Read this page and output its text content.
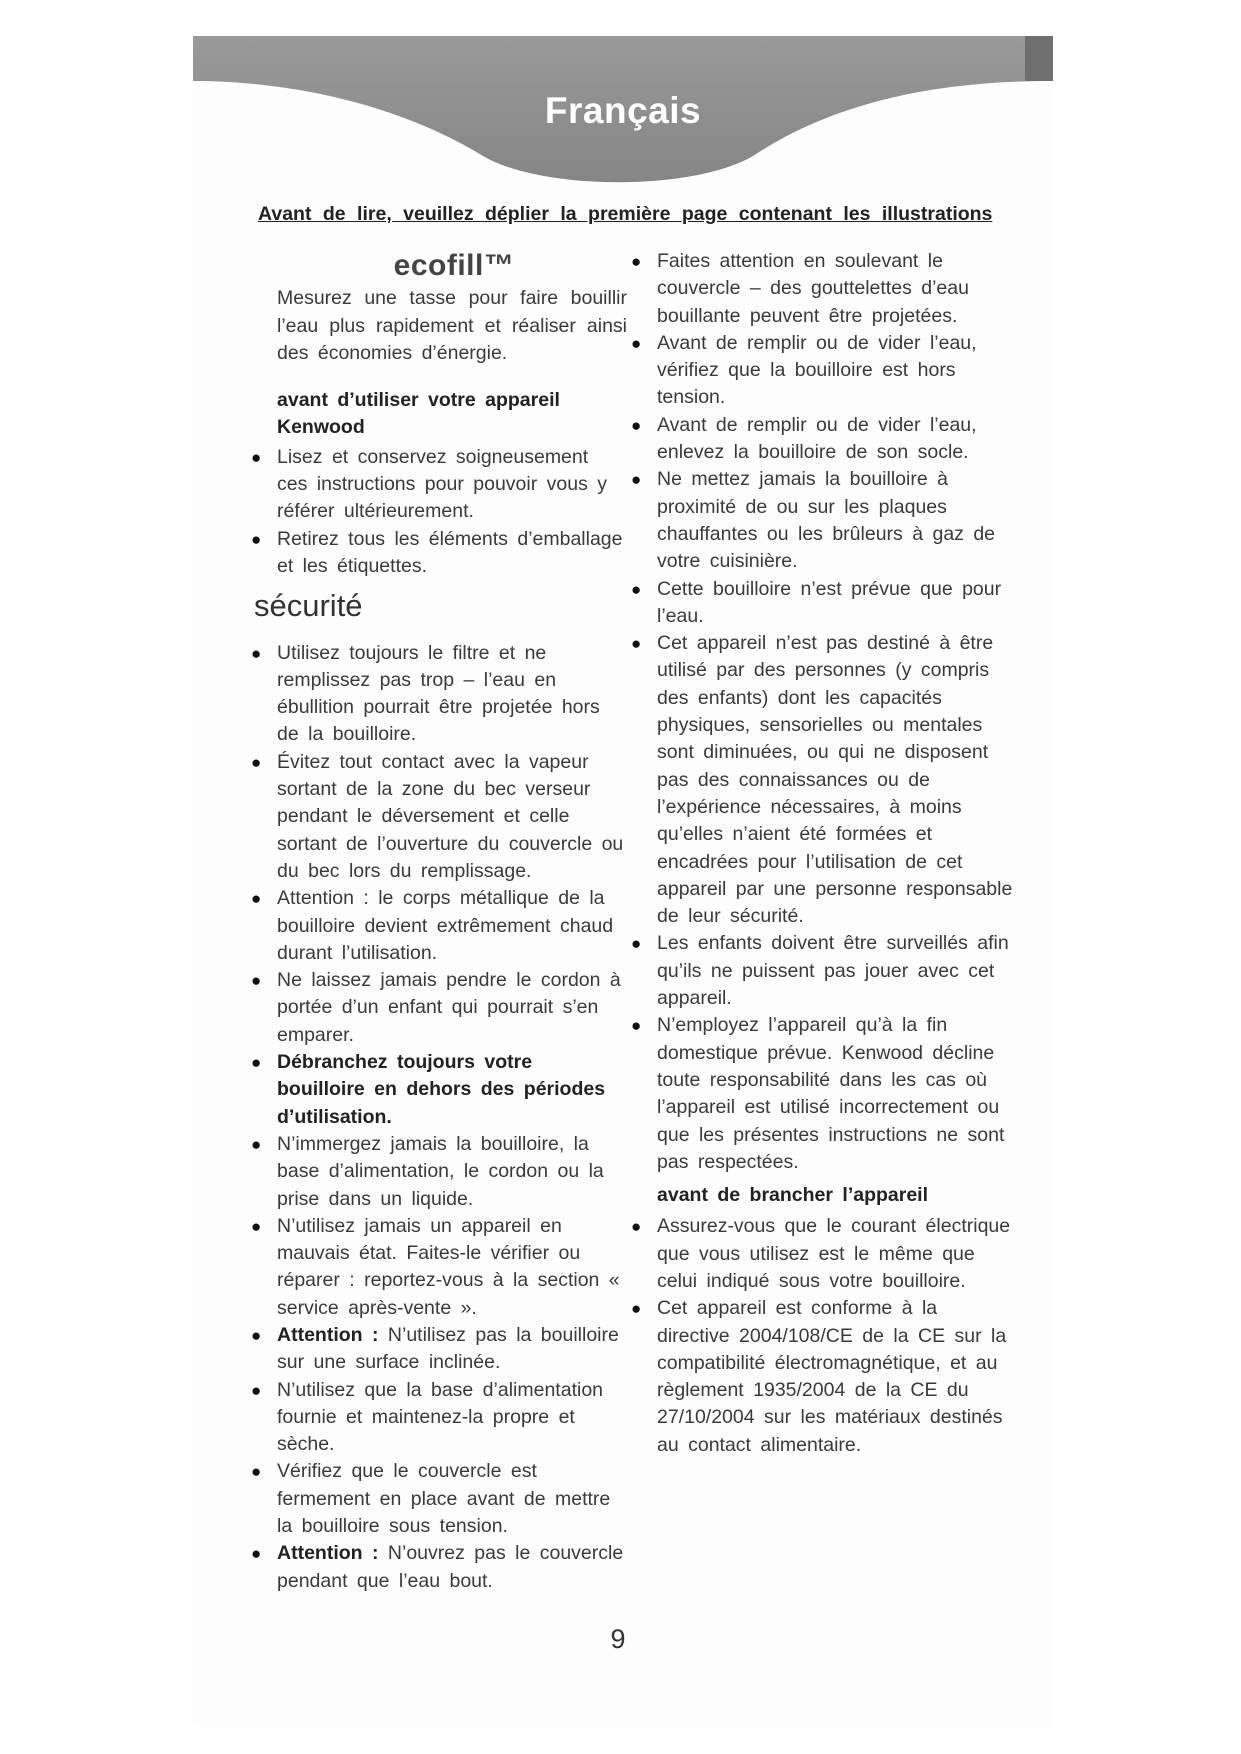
Français
Avant de lire, veuillez déplier la première page contenant les illustrations
ecofill™
Mesurez une tasse pour faire bouillir l’eau plus rapidement et réaliser ainsi des économies d’énergie.
avant d’utiliser votre appareil Kenwood
● Lisez et conservez soigneusement ces instructions pour pouvoir vous y référer ultérieurement.
● Retirez tous les éléments d’emballage et les étiquettes.
sécurité
● Utilisez toujours le filtre et ne remplissez pas trop – l’eau en ébullition pourrait être projetée hors de la bouilloire.
● Évitez tout contact avec la vapeur sortant de la zone du bec verseur pendant le déversement et celle sortant de l’ouverture du couvercle ou du bec lors du remplissage.
● Attention : le corps métallique de la bouilloire devient extrêmement chaud durant l’utilisation.
● Ne laissez jamais pendre le cordon à portée d’un enfant qui pourrait s’en emparer.
● Débranchez toujours votre bouilloire en dehors des périodes d’utilisation.
● N’immergez jamais la bouilloire, la base d’alimentation, le cordon ou la prise dans un liquide.
● N’utilisez jamais un appareil en mauvais état. Faites-le vérifier ou réparer : reportez-vous à la section « service après-vente ».
● Attention : N’utilisez pas la bouilloire sur une surface inclinée.
● N’utilisez que la base d’alimentation fournie et maintenez-la propre et sèche.
● Vérifiez que le couvercle est fermement en place avant de mettre la bouilloire sous tension.
● Attention : N’ouvrez pas le couvercle pendant que l’eau bout.
● Faites attention en soulevant le couvercle – des gouttelettes d’eau bouillante peuvent être projetées.
● Avant de remplir ou de vider l’eau, vérifiez que la bouilloire est hors tension.
● Avant de remplir ou de vider l’eau, enlevez la bouilloire de son socle.
● Ne mettez jamais la bouilloire à proximité de ou sur les plaques chauffantes ou les brûleurs à gaz de votre cuisinière.
● Cette bouilloire n’est prévue que pour l’eau.
● Cet appareil n’est pas destiné à être utilisé par des personnes (y compris des enfants) dont les capacités physiques, sensorielles ou mentales sont diminuées, ou qui ne disposent pas des connaissances ou de l’expérience nécessaires, à moins qu’elles n’aient été formées et encadrées pour l’utilisation de cet appareil par une personne responsable de leur sécurité.
● Les enfants doivent être surveillés afin qu’ils ne puissent pas jouer avec cet appareil.
● N’employez l’appareil qu’à la fin domestique prévue. Kenwood décline toute responsabilité dans les cas où l’appareil est utilisé incorrectement ou que les présentes instructions ne sont pas respectées.
avant de brancher l’appareil
● Assurez-vous que le courant électrique que vous utilisez est le même que celui indiqué sous votre bouilloire.
● Cet appareil est conforme à la directive 2004/108/CE de la CE sur la compatibilité électromagnétique, et au règlement 1935/2004 de la CE du 27/10/2004 sur les matériaux destinés au contact alimentaire.
9
